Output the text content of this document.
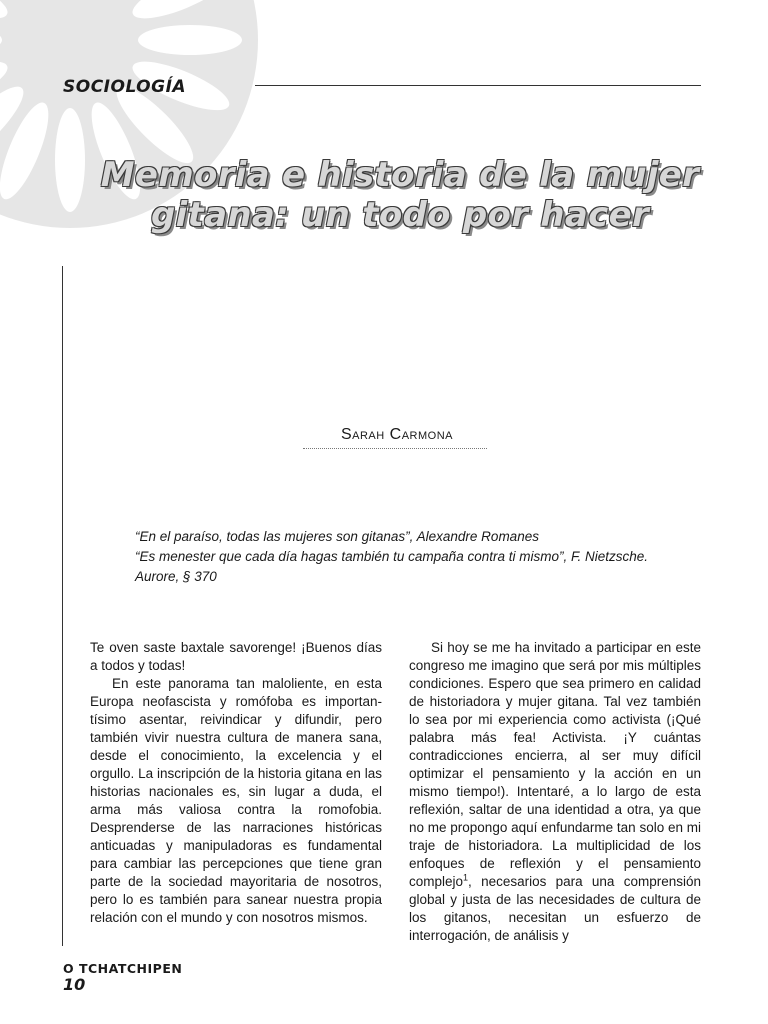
SOCIOLOGÍA
Memoria e historia de la mujer
gitana: un todo por hacer
Sarah Carmona

“En el paraíso, todas las mujeres son gitanas”, Alexandre Romanes

“Es menester que cada día hagas también tu campaña contra ti mismo”, F. Nietzsche. Aurore, § 370

Te oven saste baxtale savorenge! ¡Buenos días a todos y todas!

En este panorama tan maloliente, en esta Europa neofascista y romófoba es importantísimo asentar, reivindicar y difundir, pero también vivir nuestra cultura de manera sana, desde el conocimiento, la excelencia y el orgullo. La inscripción de la historia gitana en las historias nacionales es, sin lugar a duda, el arma más valiosa contra la romofobia. Desprenderse de las narraciones históricas anticuadas y manipuladoras es fundamental para cambiar las percepciones que tiene gran parte de la sociedad mayoritaria de nosotros, pero lo es también para sanear nuestra propia relación con el mundo y con nosotros mismos.

Si hoy se me ha invitado a participar en este congreso me imagino que será por mis múltiples condiciones. Espero que sea primero en calidad de historiadora y mujer gitana. Tal vez también lo sea por mi experiencia como activista (¡Qué palabra más fea! Activista. ¡Y cuántas contradicciones encierra, al ser muy difícil optimizar el pensamiento y la acción en un mismo tiempo!). Intentaré, a lo largo de esta reflexión, saltar de una identidad a otra, ya que no me propongo aquí enfundarme tan solo en mi traje de historiadora. La multiplicidad de los enfoques de reflexión y el pensamiento complejo$^1$, necesarios para una comprensión global y justa de las necesidades de cultura de los gitanos, necesitan un esfuerzo de interrogación, de análisis y

O TCHATCHIPEN
10
